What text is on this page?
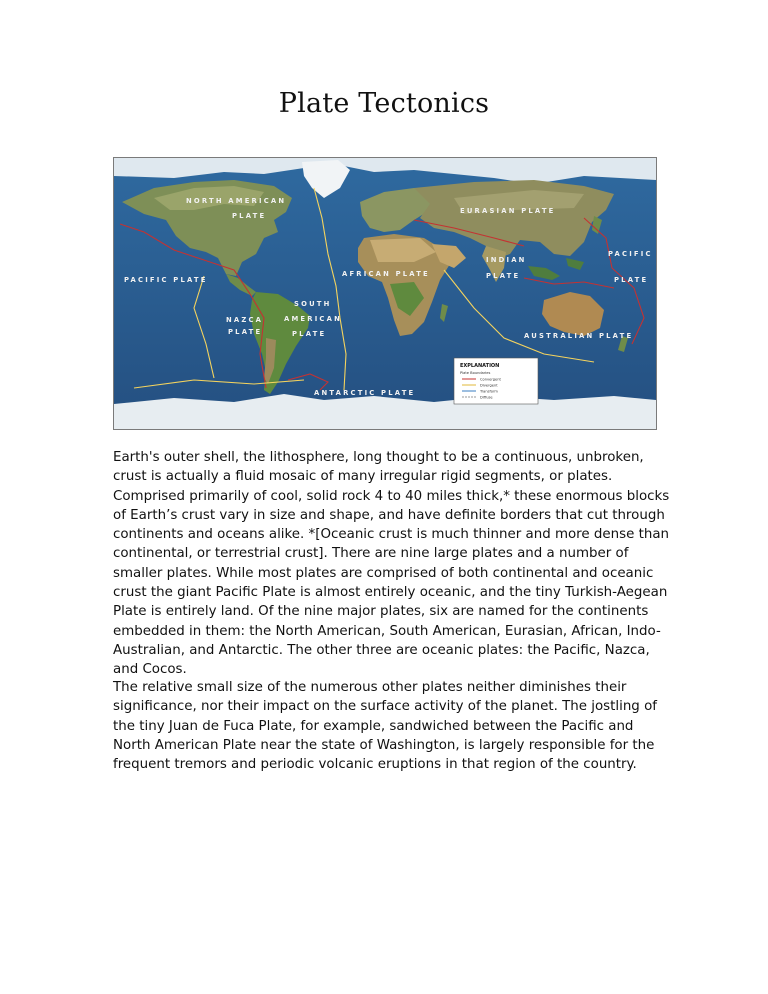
Plate Tectonics
NORTH AMERICAN
PLATE
EURASIAN PLATE
PACIFIC PLATE
PACIFIC
PLATE
AFRICAN PLATE
INDIAN
PLATE
SOUTH
AMERICAN
PLATE
NAZCA
PLATE	AUSTRALIAN PLATE
ANTARCTIC PLATE
EXPLANATION
Plate Boundaries
Convergent
Divergent
Transform
Diffuse

Earth's outer shell, the lithosphere, long thought to be a continuous, unbroken, crust is actually a fluid mosaic of many irregular rigid segments, or plates. Comprised primarily of cool, solid rock 4 to 40 miles thick,* these enormous blocks of Earth’s crust vary in size and shape, and have definite borders that cut through continents and oceans alike. *[Oceanic crust is much thinner and more dense than continental, or terrestrial crust]. There are nine large plates and a number of smaller plates. While most plates are comprised of both continental and oceanic crust the giant Pacific Plate is almost entirely oceanic, and the tiny Turkish-Aegean Plate is entirely land. Of the nine major plates, six are named for the continents embedded in them: the North American, South American, Eurasian, African, Indo-Australian, and Antarctic. The other three are oceanic plates: the Pacific, Nazca, and Cocos.

The relative small size of the numerous other plates neither diminishes their significance, nor their impact on the surface activity of the planet. The jostling of the tiny Juan de Fuca Plate, for example, sandwiched between the Pacific and North American Plate near the state of Washington, is largely responsible for the frequent tremors and periodic volcanic eruptions in that region of the country.
